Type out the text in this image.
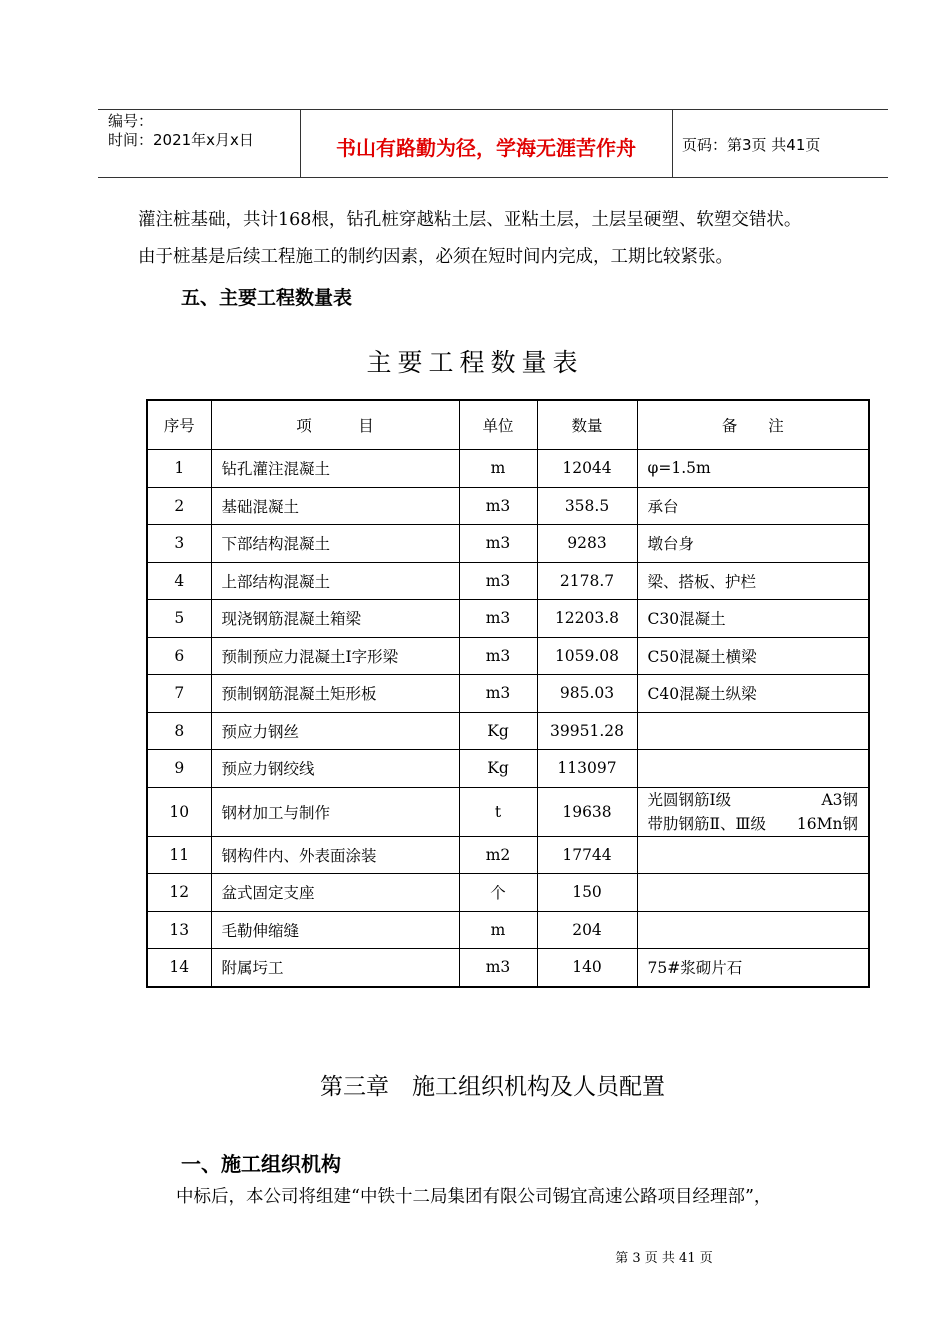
编号：
时间：2021年x月x日	书山有路勤为径，学海无涯苦作舟	页码：第3页 共41页
灌注桩基础，共计168根，钻孔桩穿越粘土层、亚粘土层，土层呈硬塑、软塑交错状。
由于桩基是后续工程施工的制约因素，必须在短时间内完成，工期比较紧张。
五、主要工程数量表
主要工程数量表
序号	项　　　目	单位	数量	备　　注
1	钻孔灌注混凝土	m	12044	φ=1.5m
2	基础混凝土	m3	358.5	承台
3	下部结构混凝土	m3	9283	墩台身
4	上部结构混凝土	m3	2178.7	梁、搭板、护栏
5	现浇钢筋混凝土箱梁	m3	12203.8	C30混凝土
6	预制预应力混凝土I字形梁	m3	1059.08	C50混凝土横梁
7	预制钢筋混凝土矩形板	m3	985.03	C40混凝土纵梁
8	预应力钢丝	Kg	39951.28	
9	预应力钢绞线	Kg	113097	
10	钢材加工与制作	t	19638	光圆钢筋Ⅰ级 A3钢
带肋钢筋Ⅱ、Ⅲ级 16Mn钢

11	钢构件内、外表面涂装	m2	17744	
12	盆式固定支座	个	150	
13	毛勒伸缩缝	m	204	
14	附属圬工	m3	140	75#浆砌片石
第三章　施工组织机构及人员配置
一、施工组织机构
中标后，本公司将组建“中铁十二局集团有限公司锡宜高速公路项目经理部”，
第 3 页 共 41 页
